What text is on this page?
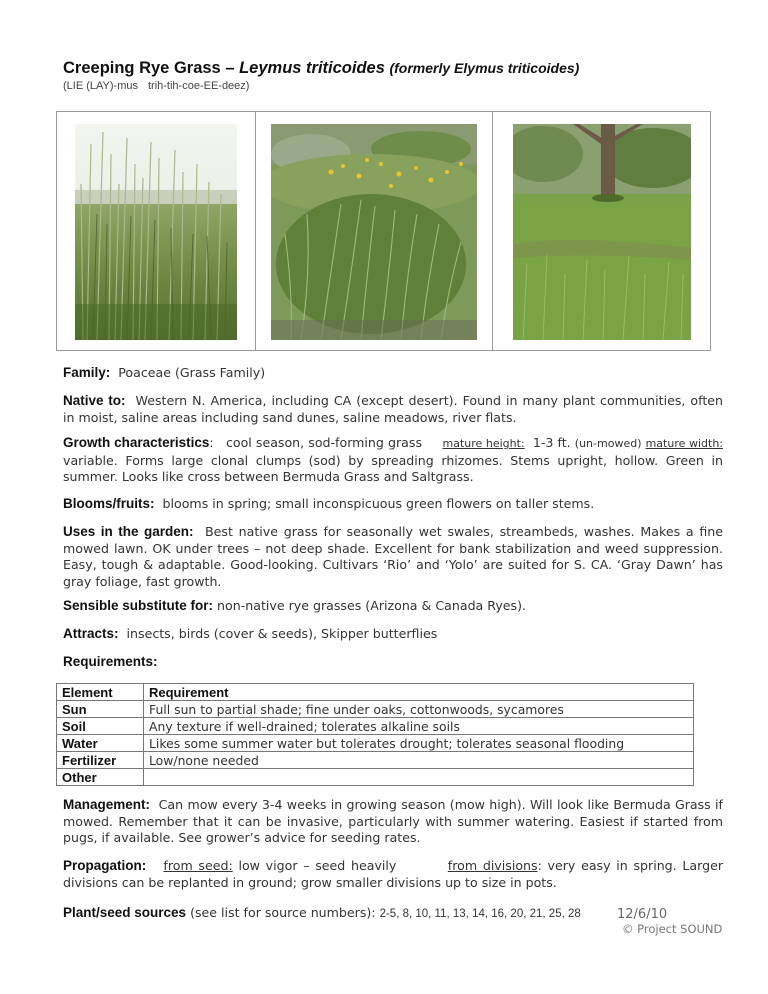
Creeping Rye Grass – Leymus triticoides (formerly Elymus triticoides)
(LIE (LAY)-mus trih-tih-coe-EE-deez)
Family: Poaceae (Grass Family)
Native to: Western N. America, including CA (except desert). Found in many plant communities, often in moist, saline areas including sand dunes, saline meadows, river flats.
Growth characteristics:   cool season, sod-forming grass mature height: 1-3 ft. (un-mowed) mature width: variable. Forms large clonal clumps (sod) by spreading rhizomes. Stems upright, hollow. Green in summer. Looks like cross between Bermuda Grass and Saltgrass.
Blooms/fruits: blooms in spring; small inconspicuous green flowers on taller stems.
Uses in the garden: Best native grass for seasonally wet swales, streambeds, washes. Makes a fine mowed lawn. OK under trees – not deep shade. Excellent for bank stabilization and weed suppression. Easy, tough & adaptable. Good-looking. Cultivars ‘Rio’ and ‘Yolo’ are suited for S. CA. ‘Gray Dawn’ has gray foliage, fast growth.
Sensible substitute for: non-native rye grasses (Arizona & Canada Ryes).
Attracts: insects, birds (cover & seeds), Skipper butterflies
Requirements:
Element	Requirement
Sun	Full sun to partial shade; fine under oaks, cottonwoods, sycamores
Soil	Any texture if well-drained; tolerates alkaline soils
Water	Likes some summer water but tolerates drought; tolerates seasonal flooding
Fertilizer	Low/none needed
Other	
Management: Can mow every 3-4 weeks in growing season (mow high). Will look like Bermuda Grass if mowed. Remember that it can be invasive, particularly with summer watering. Easiest if started from pugs, if available. See grower’s advice for seeding rates.
Propagation: from seed: low vigor – seed heavily	from divisions: very easy in spring. Larger divisions can be replanted in ground; grow smaller divisions up to size in pots.
Plant/seed sources (see list for source numbers): 2-5, 8, 10, 11, 13, 14, 16, 20, 21, 25, 28	12/6/10
© Project SOUND
